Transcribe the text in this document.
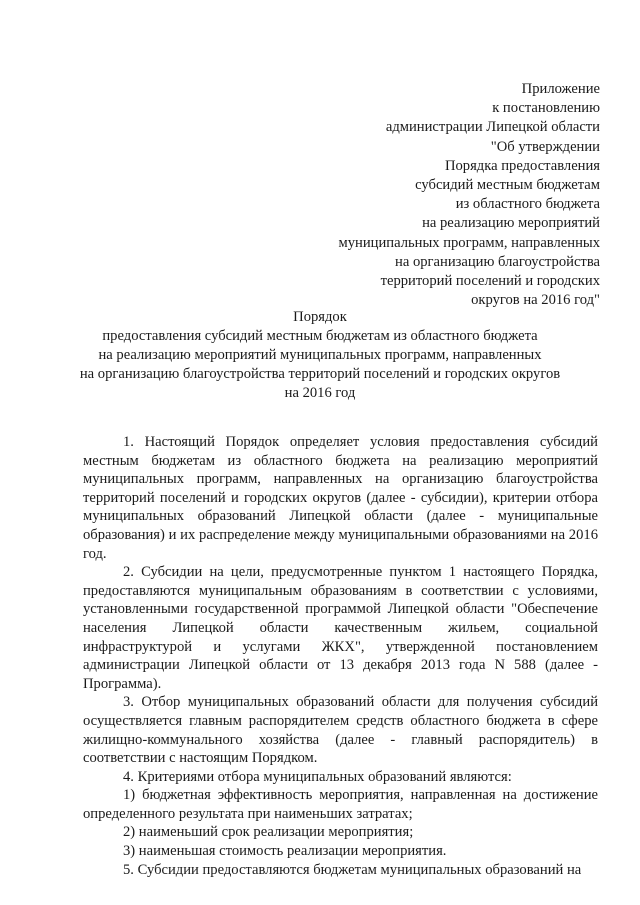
Приложение
к постановлению
администрации Липецкой области
"Об утверждении
Порядка предоставления
субсидий местным бюджетам
из областного бюджета
на реализацию мероприятий
муниципальных программ, направленных
на организацию благоустройства
территорий поселений и городских
округов на 2016 год"
Порядок
предоставления субсидий местным бюджетам из областного бюджета
на реализацию мероприятий муниципальных программ, направленных
на организацию благоустройства территорий поселений и городских округов
на 2016 год

1. Настоящий Порядок определяет условия предоставления субсидий местным бюджетам из областного бюджета на реализацию мероприятий муниципальных программ, направленных на организацию благоустройства территорий поселений и городских округов (далее - субсидии), критерии отбора муниципальных образований Липецкой области (далее - муниципальные образования) и их распределение между муниципальными образованиями на 2016 год.

2. Субсидии на цели, предусмотренные пунктом 1 настоящего Порядка, предоставляются муниципальным образованиям в соответствии с условиями, установленными государственной программой Липецкой области "Обеспечение населения Липецкой области качественным жильем, социальной инфраструктурой и услугами ЖКХ", утвержденной постановлением администрации Липецкой области от 13 декабря 2013 года N 588 (далее - Программа).

3. Отбор муниципальных образований области для получения субсидий осуществляется главным распорядителем средств областного бюджета в сфере жилищно-коммунального хозяйства (далее - главный распорядитель) в соответствии с настоящим Порядком.

4. Критериями отбора муниципальных образований являются:

1) бюджетная эффективность мероприятия, направленная на достижение определенного результата при наименьших затратах;

2) наименьший срок реализации мероприятия;

3) наименьшая стоимость реализации мероприятия.

5. Субсидии предоставляются бюджетам муниципальных образований на
